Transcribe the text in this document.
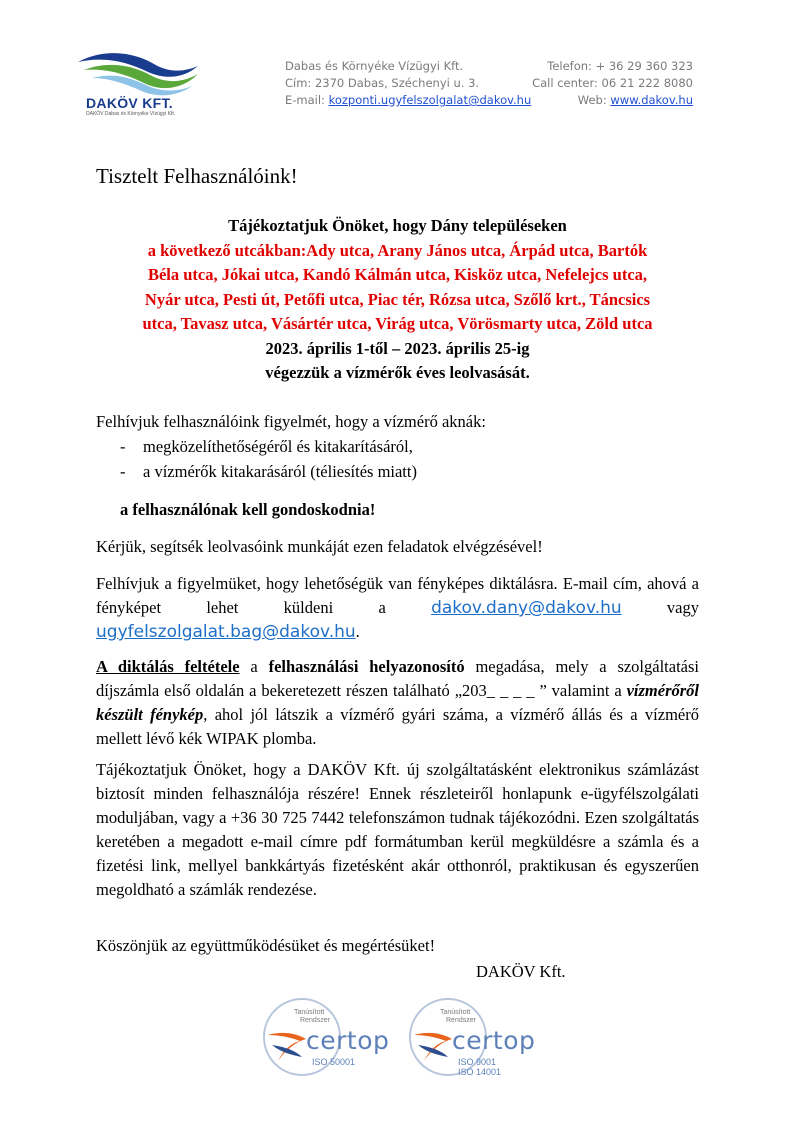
DAKÖV KFT.
DAKÖV Dabas és Környéke Vízügyi Kft.
Dabas és Környéke Vízügyi Kft.
Cím: 2370 Dabas, Széchenyi u. 3.
E-mail: kozponti.ugyfelszolgalat@dakov.hu
Telefon: + 36 29 360 323
Call center: 06 21 222 8080
Web: www.dakov.hu
Tisztelt Felhasználóink!
Tájékoztatjuk Önöket, hogy Dány településeken
a következő utcákban:Ady utca, Arany János utca, Árpád utca, Bartók
Béla utca, Jókai utca, Kandó Kálmán utca, Kisköz utca, Nefelejcs utca,
Nyár utca, Pesti út, Petőfi utca, Piac tér, Rózsa utca, Szőlő krt., Táncsics
utca, Tavasz utca, Vásártér utca, Virág utca, Vörösmarty utca, Zöld utca
2023. április 1-től – 2023. április 25-ig
végezzük a vízmérők éves leolvasását.
Felhívjuk felhasználóink figyelmét, hogy a vízmérő aknák:
- megközelíthetőségéről és kitakarításáról,
- a vízmérők kitakarásáról (téliesítés miatt)
a felhasználónak kell gondoskodnia!
Kérjük, segítsék leolvasóink munkáját ezen feladatok elvégzésével!
Felhívjuk a figyelmüket, hogy lehetőségük van fényképes diktálásra. E-mail cím, ahová a fényképet lehet küldeni a	dakov.dany@dakov.hu	vagy ugyfelszolgalat.bag@dakov.hu.
A diktálás feltétele a felhasználási helyazonosító megadása, mely a szolgáltatási díjszámla első oldalán a bekeretezett részen található „203_ _ _ _ ” valamint a vízmérőről készült fénykép, ahol jól látszik a vízmérő gyári száma, a vízmérő állás és a vízmérő mellett lévő kék WIPAK plomba.
Tájékoztatjuk Önöket, hogy a DAKÖV Kft. új szolgáltatásként elektronikus számlázást biztosít minden felhasználója részére! Ennek részleteiről honlapunk e-ügyfélszolgálati moduljában, vagy a +36 30 725 7442 telefonszámon tudnak tájékozódni. Ezen szolgáltatás keretében a megadott e-mail címre pdf formátumban kerül megküldésre a számla és a fizetési link, mellyel bankkártyás fizetésként akár otthonról, praktikusan és egyszerűen megoldható a számlák rendezése.
Köszönjük az együttműködésüket és megértésüket!
DAKÖV Kft.
Tanúsított
Rendszer
certop
ISO 50001
Tanúsított
Rendszer
certop
ISO 9001
ISO 14001
